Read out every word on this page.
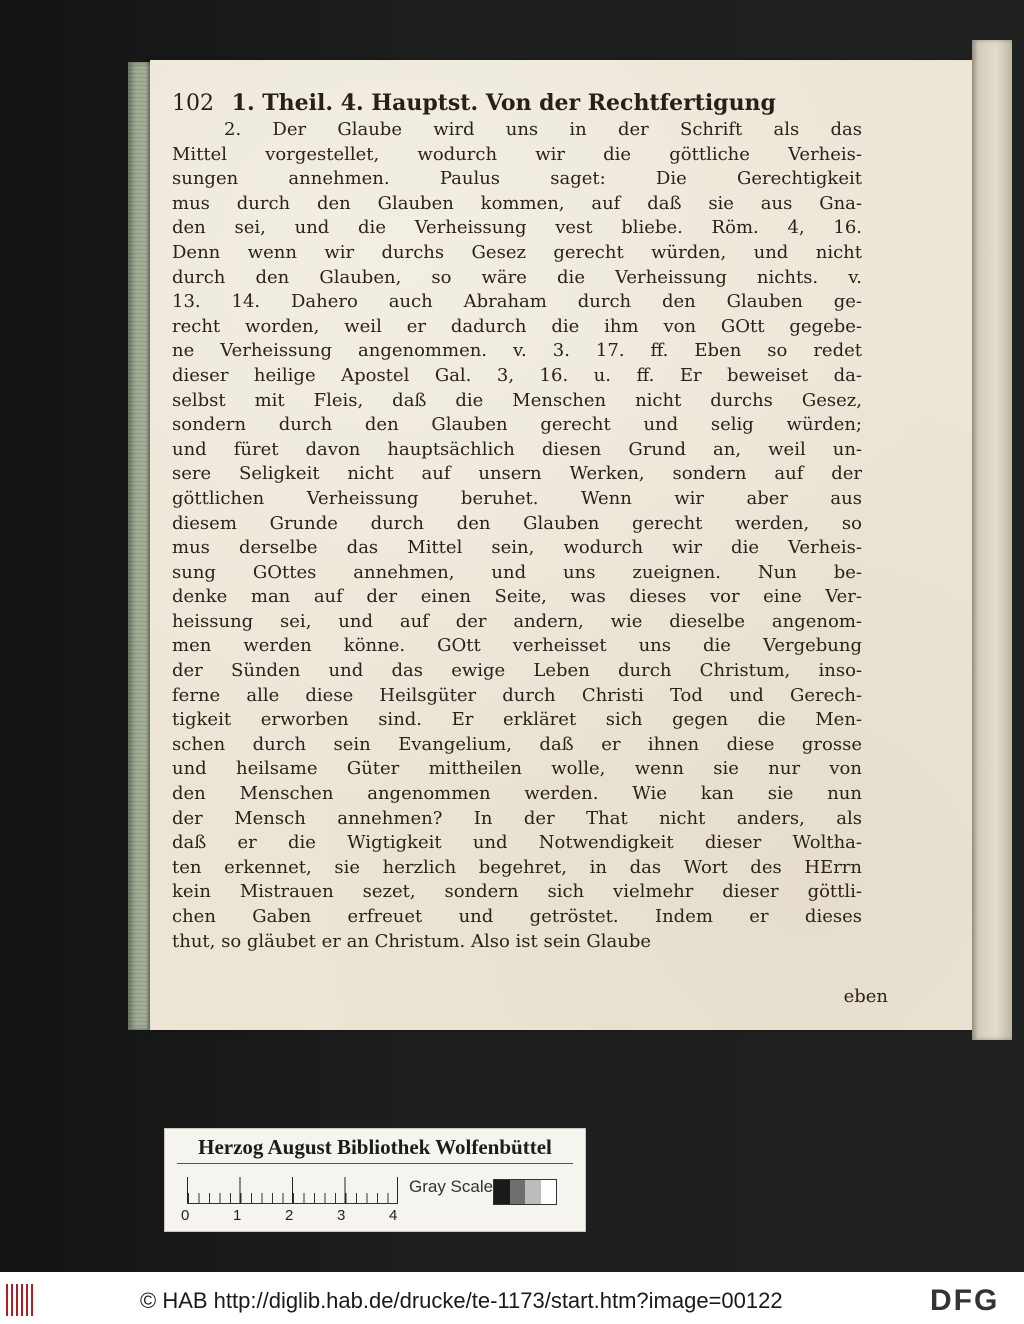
102 1. Theil. 4. Hauptst. Von der Rechtfertigung
2. Der Glaube wird uns in der Schrift als das
Mittel vorgestellet, wodurch wir die göttliche Verheis-
sungen annehmen. Paulus saget: Die Gerechtigkeit
mus durch den Glauben kommen, auf daß sie aus Gna-
den sei, und die Verheissung vest bliebe. Röm. 4, 16.
Denn wenn wir durchs Gesez gerecht würden, und nicht
durch den Glauben, so wäre die Verheissung nichts. v.
13. 14. Dahero auch Abraham durch den Glauben ge-
recht worden, weil er dadurch die ihm von GOtt gegebe-
ne Verheissung angenommen. v. 3. 17. ff. Eben so redet
dieser heilige Apostel Gal. 3, 16. u. ff. Er beweiset da-
selbst mit Fleis, daß die Menschen nicht durchs Gesez,
sondern durch den Glauben gerecht und selig würden;
und füret davon hauptsächlich diesen Grund an, weil un-
sere Seligkeit nicht auf unsern Werken, sondern auf der
göttlichen Verheissung beruhet. Wenn wir aber aus
diesem Grunde durch den Glauben gerecht werden, so
mus derselbe das Mittel sein, wodurch wir die Verheis-
sung GOttes annehmen, und uns zueignen. Nun be-
denke man auf der einen Seite, was dieses vor eine Ver-
heissung sei, und auf der andern, wie dieselbe angenom-
men werden könne. GOtt verheisset uns die Vergebung
der Sünden und das ewige Leben durch Christum, inso-
ferne alle diese Heilsgüter durch Christi Tod und Gerech-
tigkeit erworben sind. Er erkläret sich gegen die Men-
schen durch sein Evangelium, daß er ihnen diese grosse
und heilsame Güter mittheilen wolle, wenn sie nur von
den Menschen angenommen werden. Wie kan sie nun
der Mensch annehmen? In der That nicht anders, als
daß er die Wigtigkeit und Notwendigkeit dieser Woltha-
ten erkennet, sie herzlich begehret, in das Wort des HErrn
kein Mistrauen sezet, sondern sich vielmehr dieser göttli-
chen Gaben erfreuet und getröstet. Indem er dieses
thut, so gläubet er an Christum. Also ist sein Glaube
eben
Herzog August Bibliothek Wolfenbüttel
0	1	2	3	4
Gray Scale
© HAB http://diglib.hab.de/drucke/te-1173/start.htm?image=00122	DFG
